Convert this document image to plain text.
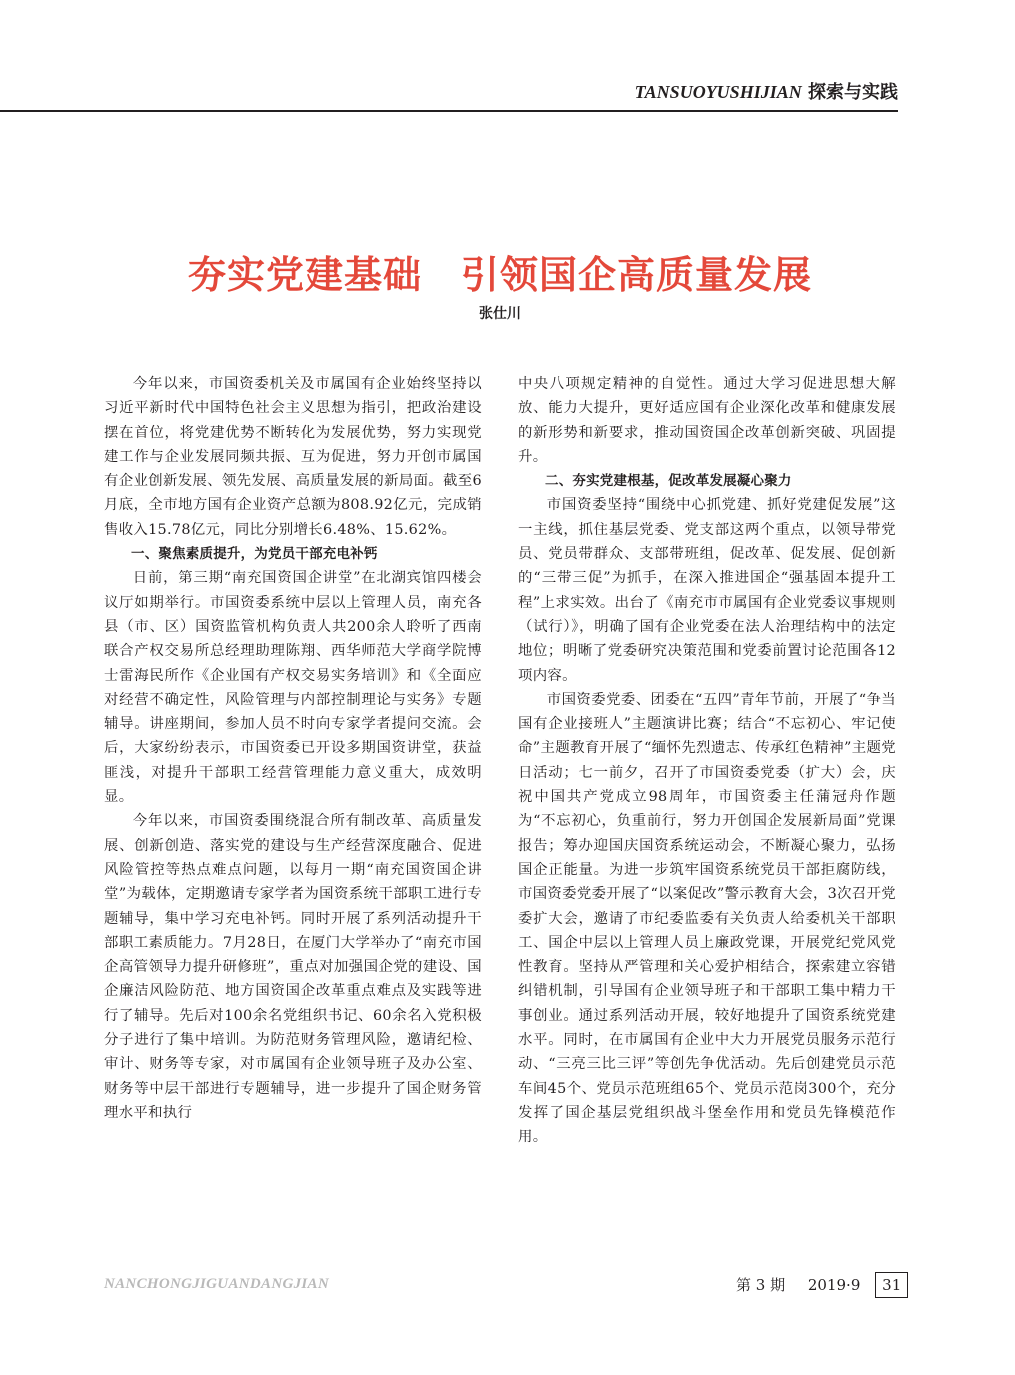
TANSUOYUSHIJIAN 探索与实践
夯实党建基础　引领国企高质量发展
张仕川

今年以来，市国资委机关及市属国有企业始终坚持以习近平新时代中国特色社会主义思想为指引，把政治建设摆在首位，将党建优势不断转化为发展优势，努力实现党建工作与企业发展同频共振、互为促进，努力开创市属国有企业创新发展、领先发展、高质量发展的新局面。截至6月底，全市地方国有企业资产总额为808.92亿元，完成销售收入15.78亿元，同比分别增长6.48%、15.62%。

一、聚焦素质提升，为党员干部充电补钙

日前，第三期“南充国资国企讲堂”在北湖宾馆四楼会议厅如期举行。市国资委系统中层以上管理人员，南充各县（市、区）国资监管机构负责人共200余人聆听了西南联合产权交易所总经理助理陈翔、西华师范大学商学院博士雷海民所作《企业国有产权交易实务培训》和《全面应对经营不确定性，风险管理与内部控制理论与实务》专题辅导。讲座期间，参加人员不时向专家学者提问交流。会后，大家纷纷表示，市国资委已开设多期国资讲堂，获益匪浅，对提升干部职工经营管理能力意义重大，成效明显。

今年以来，市国资委围绕混合所有制改革、高质量发展、创新创造、落实党的建设与生产经营深度融合、促进风险管控等热点难点问题，以每月一期“南充国资国企讲堂”为载体，定期邀请专家学者为国资系统干部职工进行专题辅导，集中学习充电补钙。同时开展了系列活动提升干部职工素质能力。7月28日，在厦门大学举办了“南充市国企高管领导力提升研修班”，重点对加强国企党的建设、国企廉洁风险防范、地方国资国企改革重点难点及实践等进行了辅导。先后对100余名党组织书记、60余名入党积极分子进行了集中培训。为防范财务管理风险，邀请纪检、审计、财务等专家，对市属国有企业领导班子及办公室、财务等中层干部进行专题辅导，进一步提升了国企财务管理水平和执行

中央八项规定精神的自觉性。通过大学习促进思想大解放、能力大提升，更好适应国有企业深化改革和健康发展的新形势和新要求，推动国资国企改革创新突破、巩固提升。

二、夯实党建根基，促改革发展凝心聚力

市国资委坚持“围绕中心抓党建、抓好党建促发展”这一主线，抓住基层党委、党支部这两个重点，以领导带党员、党员带群众、支部带班组，促改革、促发展、促创新的“三带三促”为抓手，在深入推进国企“强基固本提升工程”上求实效。出台了《南充市市属国有企业党委议事规则（试行）》，明确了国有企业党委在法人治理结构中的法定地位；明晰了党委研究决策范围和党委前置讨论范围各12项内容。

市国资委党委、团委在“五四”青年节前，开展了“争当国有企业接班人”主题演讲比赛；结合“不忘初心、牢记使命”主题教育开展了“缅怀先烈遗志、传承红色精神”主题党日活动；七一前夕，召开了市国资委党委（扩大）会，庆祝中国共产党成立98周年，市国资委主任蒲冠舟作题为“不忘初心，负重前行，努力开创国企发展新局面”党课报告；筹办迎国庆国资系统运动会，不断凝心聚力，弘扬国企正能量。为进一步筑牢国资系统党员干部拒腐防线，市国资委党委开展了“以案促改”警示教育大会，3次召开党委扩大会，邀请了市纪委监委有关负责人给委机关干部职工、国企中层以上管理人员上廉政党课，开展党纪党风党性教育。坚持从严管理和关心爱护相结合，探索建立容错纠错机制，引导国有企业领导班子和干部职工集中精力干事创业。通过系列活动开展，较好地提升了国资系统党建水平。同时，在市属国有企业中大力开展党员服务示范行动、“三亮三比三评”等创先争优活动。先后创建党员示范车间45个、党员示范班组65个、党员示范岗300个，充分发挥了国企基层党组织战斗堡垒作用和党员先锋模范作用。

NANCHONGJIGUANDANGJIAN	第 3 期 2019·9 31
